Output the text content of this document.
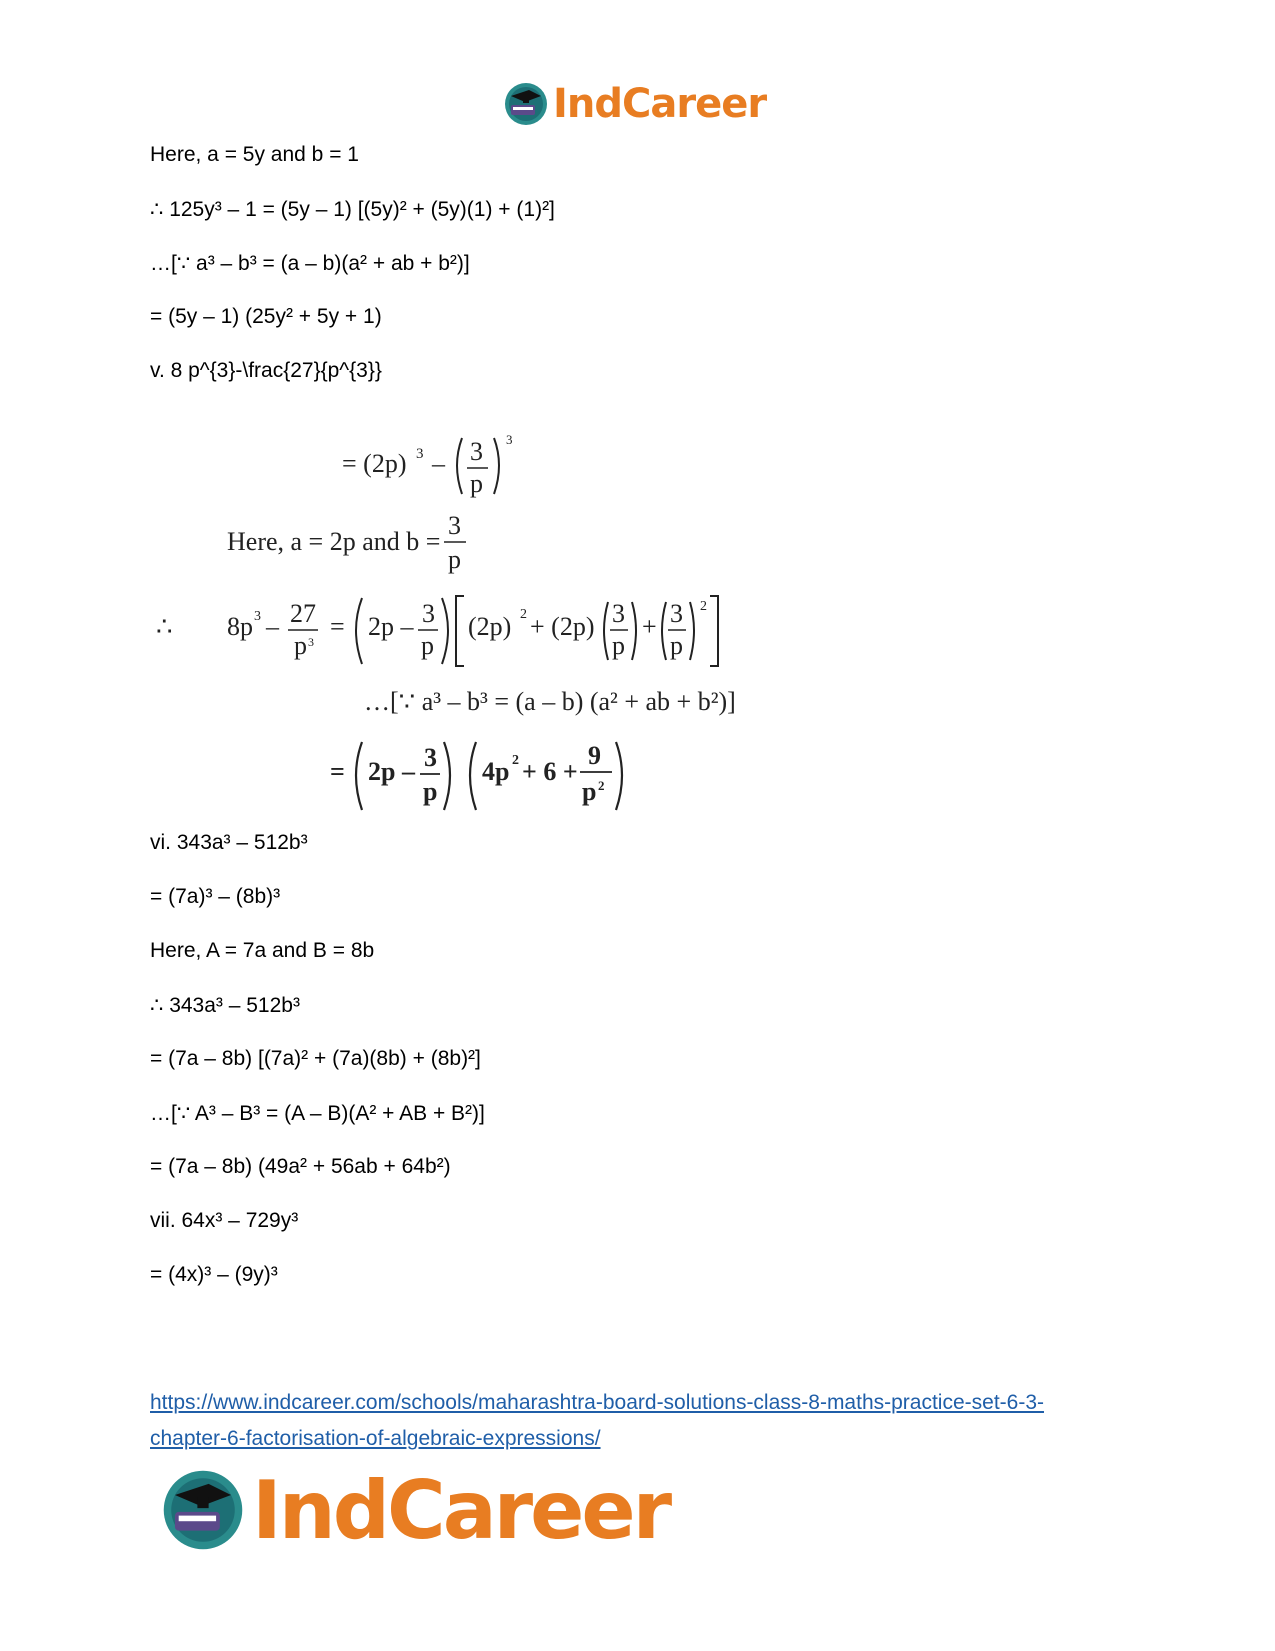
IndCareer
Here, a = 5y and b = 1
∴ 125y³ – 1 = (5y – 1) [(5y)² + (5y)(1) + (1)²]
…[∵ a³ – b³ = (a – b)(a² + ab + b²)]
= (5y – 1) (25y² + 5y + 1)
v. 8 p^{3}-\frac{27}{p^{3}}
= (2p) 3 – 3
p
3
Here, a = 2p and b =
3
p
∴ 8p 3 – 27
p 3
= 2p – 3
p
(2p) 2 + (2p) 3
p
+ 3
p
2
…[∵ a³ – b³ = (a – b) (a² + ab + b²)]
= 2p – 3
p
4p 2 + 6 +
9
p 2
vi. 343a³ – 512b³
= (7a)³ – (8b)³
Here, A = 7a and B = 8b
∴ 343a³ – 512b³
= (7a – 8b) [(7a)² + (7a)(8b) + (8b)²]
…[∵ A³ – B³ = (A – B)(A² + AB + B²)]
= (7a – 8b) (49a² + 56ab + 64b²)
vii. 64x³ – 729y³
= (4x)³ – (9y)³
https://www.indcareer.com/schools/maharashtra-board-solutions-class-8-maths-practice-set-6-3-
chapter-6-factorisation-of-algebraic-expressions/
IndCareer
